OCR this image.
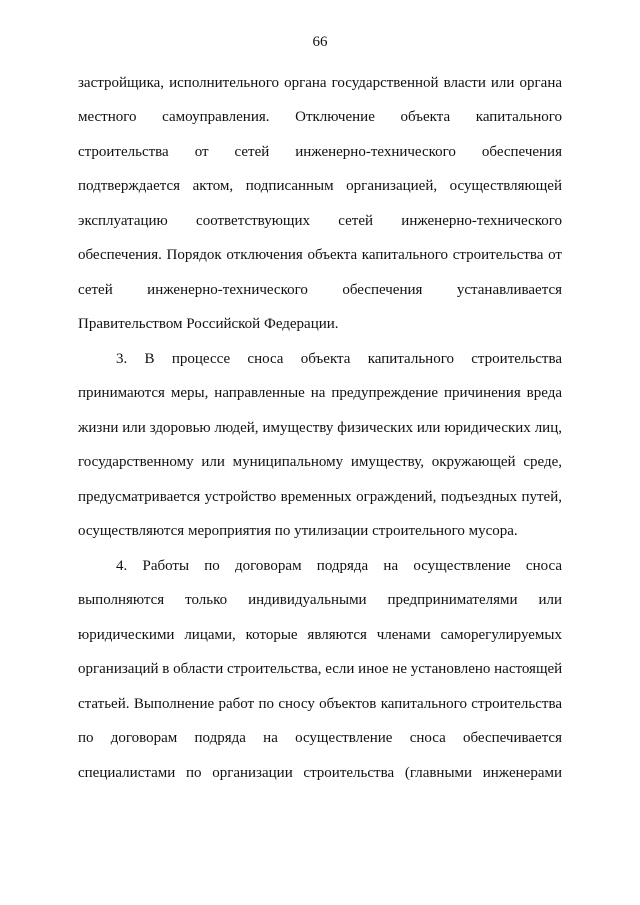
66
застройщика, исполнительного органа государственной власти или органа
местного самоуправления. Отключение объекта капитального
строительства от сетей инженерно-технического обеспечения
подтверждается актом, подписанным организацией, осуществляющей
эксплуатацию соответствующих сетей инженерно-технического
обеспечения. Порядок отключения объекта капитального строительства от
сетей инженерно-технического обеспечения устанавливается
Правительством Российской Федерации.
3. В процессе сноса объекта капитального строительства
принимаются меры, направленные на предупреждение причинения вреда
жизни или здоровью людей, имуществу физических или юридических лиц,
государственному или муниципальному имуществу, окружающей среде,
предусматривается устройство временных ограждений, подъездных путей,
осуществляются мероприятия по утилизации строительного мусора.
4. Работы по договорам подряда на осуществление сноса
выполняются только индивидуальными предпринимателями или
юридическими лицами, которые являются членами саморегулируемых
организаций в области строительства, если иное не установлено настоящей
статьей. Выполнение работ по сносу объектов капитального строительства
по договорам подряда на осуществление сноса обеспечивается
специалистами по организации строительства (главными инженерами
